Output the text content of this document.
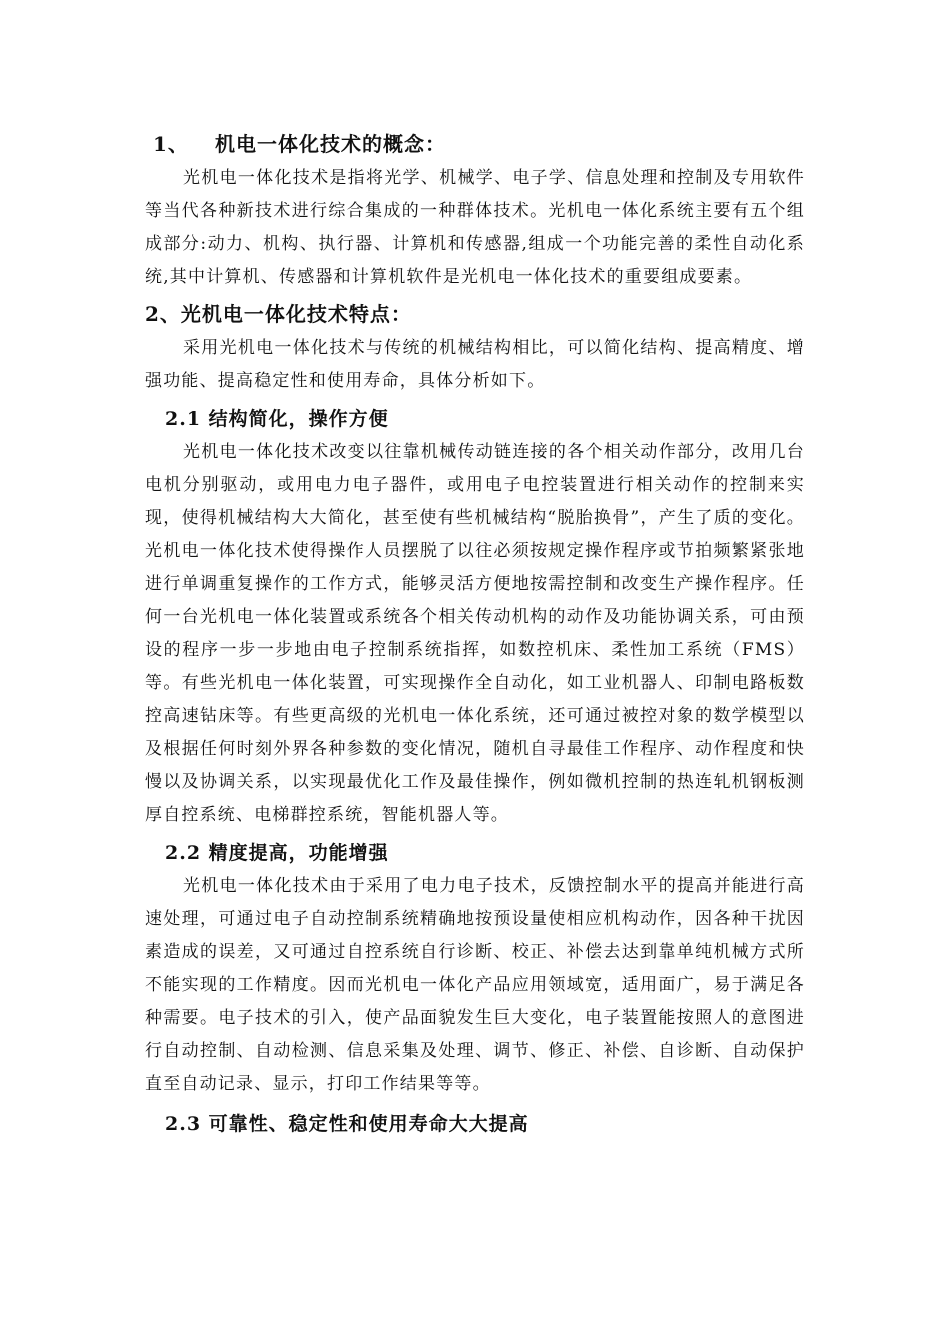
1、 机电一体化技术的概念：

光机电一体化技术是指将光学、机械学、电子学、信息处理和控制及专用软件等当代各种新技术进行综合集成的一种群体技术。光机电一体化系统主要有五个组成部分:动力、机构、执行器、计算机和传感器,组成一个功能完善的柔性自动化系统,其中计算机、传感器和计算机软件是光机电一体化技术的重要组成要素。

2、光机电一体化技术特点：

采用光机电一体化技术与传统的机械结构相比，可以简化结构、提高精度、增强功能、提高稳定性和使用寿命，具体分析如下。

2.1 结构简化，操作方便

光机电一体化技术改变以往靠机械传动链连接的各个相关动作部分，改用几台电机分别驱动，或用电力电子器件，或用电子电控装置进行相关动作的控制来实现，使得机械结构大大简化，甚至使有些机械结构“脱胎换骨”，产生了质的变化。光机电一体化技术使得操作人员摆脱了以往必须按规定操作程序或节拍频繁紧张地进行单调重复操作的工作方式，能够灵活方便地按需控制和改变生产操作程序。任何一台光机电一体化装置或系统各个相关传动机构的动作及功能协调关系，可由预设的程序一步一步地由电子控制系统指挥，如数控机床、柔性加工系统（FMS）等。有些光机电一体化装置，可实现操作全自动化，如工业机器人、印制电路板数控高速钻床等。有些更高级的光机电一体化系统，还可通过被控对象的数学模型以及根据任何时刻外界各种参数的变化情况，随机自寻最佳工作程序、动作程度和快慢以及协调关系，以实现最优化工作及最佳操作，例如微机控制的热连轧机钢板测厚自控系统、电梯群控系统，智能机器人等。

2.2 精度提高，功能增强

光机电一体化技术由于采用了电力电子技术，反馈控制水平的提高并能进行高速处理，可通过电子自动控制系统精确地按预设量使相应机构动作，因各种干扰因素造成的误差，又可通过自控系统自行诊断、校正、补偿去达到靠单纯机械方式所不能实现的工作精度。因而光机电一体化产品应用领域宽，适用面广，易于满足各种需要。电子技术的引入，使产品面貌发生巨大变化，电子装置能按照人的意图进行自动控制、自动检测、信息采集及处理、调节、修正、补偿、自诊断、自动保护直至自动记录、显示，打印工作结果等等。

2.3 可靠性、稳定性和使用寿命大大提高
